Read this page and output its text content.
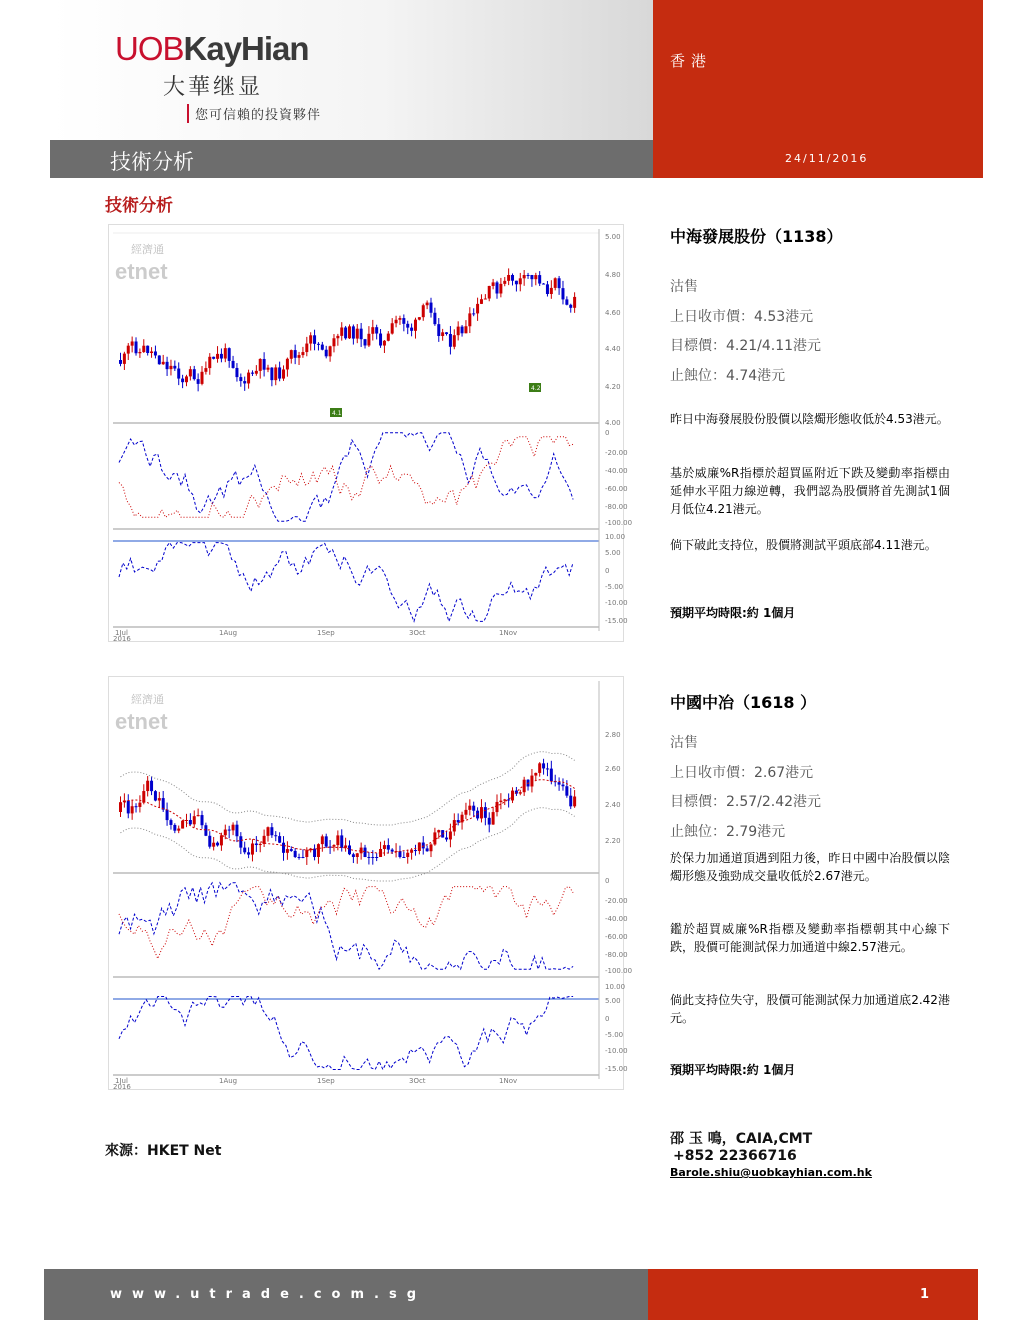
UOBKayHian
大華继显
您可信賴的投資夥伴
香港
技術分析	24/11/2016
技術分析
經濟通
etnet
5.00
4.80
4.60
4.40
4.20
4.00
0
-20.00
-40.00
-60.00
-80.00
-100.00
10.00
5.00
0
-5.00
-10.00
-15.00
1Jul	1Aug	1Sep	3Oct	1Nov
2016
4.11
4.21
經濟通
etnet
2.80
2.60
2.40
2.20
0
-20.00
-40.00
-60.00
-80.00
-100.00
10.00
5.00
0
-5.00
-10.00
-15.00
1Jul	1Aug	1Sep	3Oct	1Nov
2016
中海發展股份（1138）
沽售
上日收市價：4.53港元
目標價：4.21/4.11港元
止蝕位：4.74港元
昨日中海發展股份股價以陰燭形態收低於4.53港元。
基於威廉%R指標於超買區附近下跌及變動率指標由延伸水平阻力線逆轉，我們認為股價將首先測試1個月低位4.21港元。
倘下破此支持位，股價將測試平頭底部4.11港元。
預期平均時限:約 1個月
中國中冶（1618 ）
沽售
上日收市價：2.67港元
目標價：2.57/2.42港元
止蝕位：2.79港元
於保力加通道頂遇到阻力後，昨日中國中冶股價以陰燭形態及強勁成交量收低於2.67港元。
鑑於超買威廉%R指標及變動率指標朝其中心線下跌，股價可能測試保力加通道中線2.57港元。
倘此支持位失守，股價可能測試保力加通道底2.42港元。
預期平均時限:約 1個月
來源：HKET Net
邵 玉 鳴，CAIA,CMT
+852 22366716
Barole.shiu@uobkayhian.com.hk
www.utrade.com.sg	1
